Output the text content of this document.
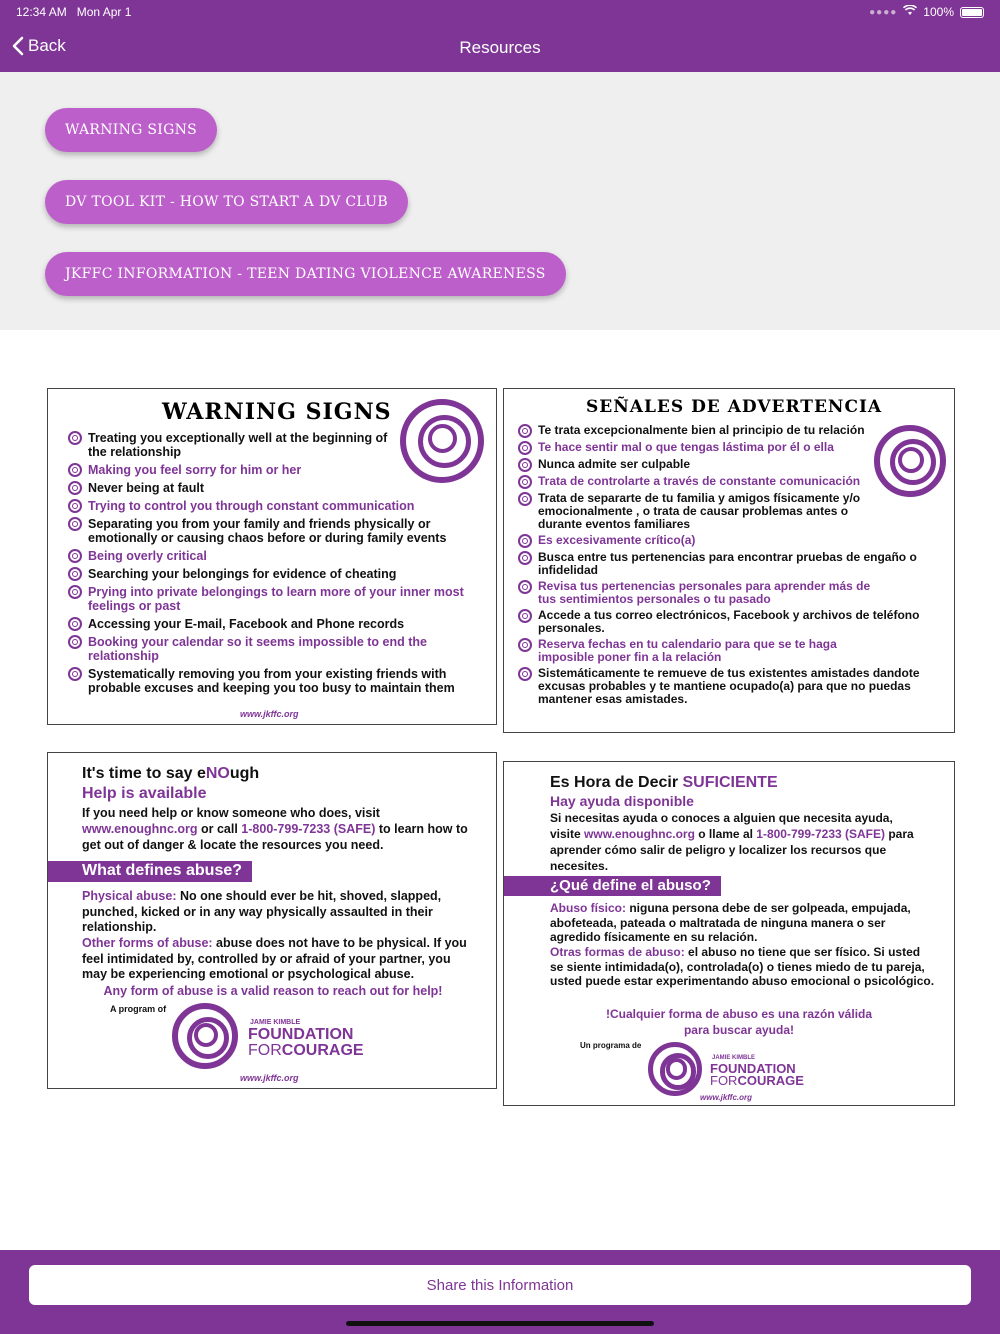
12:34 AM Mon Apr 1	●●●● 100%
Back	Resources
WARNING SIGNS
DV TOOL KIT - HOW TO START A DV CLUB
JKFFC INFORMATION - TEEN DATING VIOLENCE AWARENESS
WARNING SIGNS
Treating you exceptionally well at the beginning of the relationship
Making you feel sorry for him or her
Never being at fault
Trying to control you through constant communication
Separating you from your family and friends physically or emotionally or causing chaos before or during family events
Being overly critical
Searching your belongings for evidence of cheating
Prying into private belongings to learn more of your inner most feelings or past
Accessing your E-mail, Facebook and Phone records
Booking your calendar so it seems impossible to end the relationship
Systematically removing you from your existing friends with probable excuses and keeping you too busy to maintain them
www.jkffc.org
SEÑALES DE ADVERTENCIA
Te trata excepcionalmente bien al principio de tu relación
Te hace sentir mal o que tengas lástima por él o ella
Nunca admite ser culpable
Trata de controlarte a través de constante comunicación
Trata de separarte de tu familia y amigos físicamente y/o emocionalmente , o trata de causar problemas antes o durante eventos familiares
Es excesivamente crítico(a)
Busca entre tus pertenencias para encontrar pruebas de engaño o infidelidad
Revisa tus pertenencias personales para aprender más de tus sentimientos personales o tu pasado
Accede a tus correo electrónicos, Facebook y archivos de teléfono personales.
Reserva fechas en tu calendario para que se te haga imposible poner fin a la relación
Sistemáticamente te remueve de tus existentes amistades dandote excusas probables y te mantiene ocupado(a) para que no puedas mantener esas amistades.
It's time to say eNOugh
Help is available
If you need help or know someone who does, visit www.enoughnc.org or call 1-800-799-7233 (SAFE) to learn how to get out of danger & locate the resources you need.
What defines abuse?
Physical abuse: No one should ever be hit, shoved, slapped, punched, kicked or in any way physically assaulted in their relationship.
Other forms of abuse: abuse does not have to be physical. If you feel intimidated by, controlled by or afraid of your partner, you may be experiencing emotional or psychological abuse.
Any form of abuse is a valid reason to reach out for help!
A program of
JAMIE KIMBLE
FOUNDATION
FORCOURAGE
www.jkffc.org
Es Hora de Decir SUFICIENTE
Hay ayuda disponible
Si necesitas ayuda o conoces a alguien que necesita ayuda, visite www.enoughnc.org o llame al 1-800-799-7233 (SAFE) para aprender cómo salir de peligro y localizer los recursos que necesites.
¿Qué define el abuso?
Abuso físico: niguna persona debe de ser golpeada, empujada, abofeteada, pateada o maltratada de ninguna manera o ser agredido físicamente en su relación.
Otras formas de abuso: el abuso no tiene que ser físico. Si usted se siente intimidada(o), controlada(o) o tienes miedo de tu pareja, usted puede estar experimentando abuso emocional o psicológico.
!Cualquier forma de abuso es una razón válida para buscar ayuda!
Un programa de
JAMIE KIMBLE
FOUNDATION
FORCOURAGE
www.jkffc.org
Share this Information
